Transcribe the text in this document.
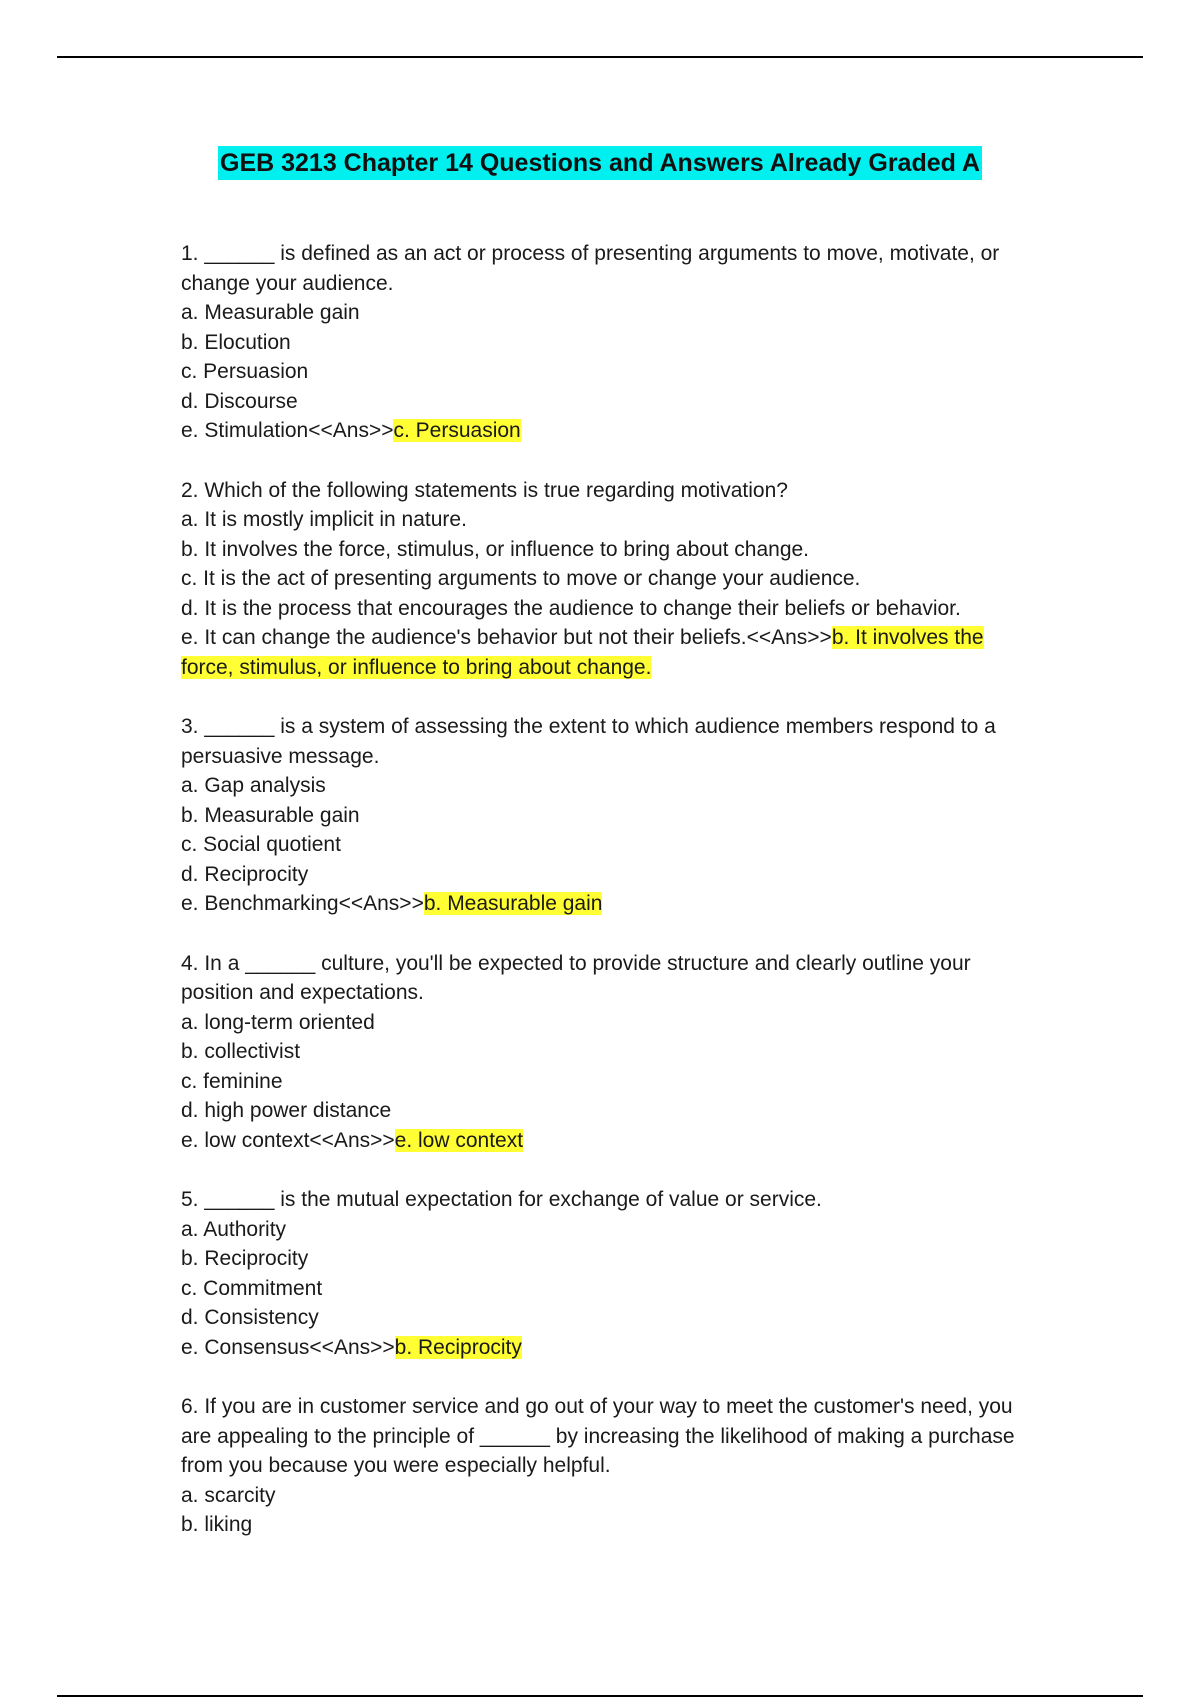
GEB 3213 Chapter 14 Questions and Answers Already Graded A

1. ______ is defined as an act or process of presenting arguments to move, motivate, or change your audience.

a. Measurable gain

b. Elocution

c. Persuasion

d. Discourse

e. Stimulation<<Ans>>c. Persuasion

2. Which of the following statements is true regarding motivation?

a. It is mostly implicit in nature.

b. It involves the force, stimulus, or influence to bring about change.

c. It is the act of presenting arguments to move or change your audience.

d. It is the process that encourages the audience to change their beliefs or behavior.

e. It can change the audience's behavior but not their beliefs.<<Ans>>b. It involves the force, stimulus, or influence to bring about change.

3. ______ is a system of assessing the extent to which audience members respond to a persuasive message.

a. Gap analysis

b. Measurable gain

c. Social quotient

d. Reciprocity

e. Benchmarking<<Ans>>b. Measurable gain

4. In a ______ culture, you'll be expected to provide structure and clearly outline your position and expectations.

a. long-term oriented

b. collectivist

c. feminine

d. high power distance

e. low context<<Ans>>e. low context

5. ______ is the mutual expectation for exchange of value or service.

a. Authority

b. Reciprocity

c. Commitment

d. Consistency

e. Consensus<<Ans>>b. Reciprocity

6. If you are in customer service and go out of your way to meet the customer's need, you are appealing to the principle of ______ by increasing the likelihood of making a purchase from you because you were especially helpful.

a. scarcity

b. liking
